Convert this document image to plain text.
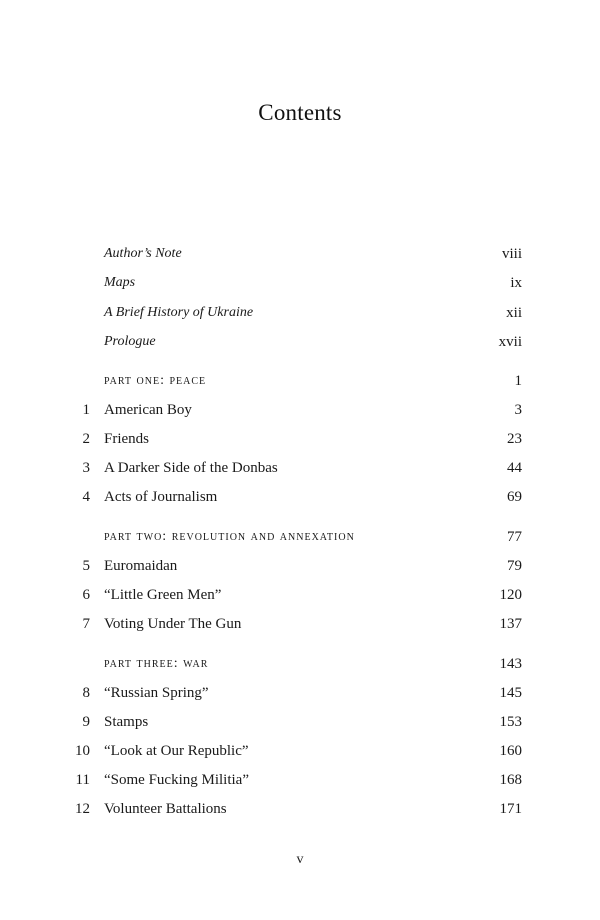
Contents
Author’s Note	viii
Maps	ix
A Brief History of Ukraine	xii
Prologue	xvii
part one: peace	1
1 American Boy	3
2 Friends	23
3 A Darker Side of the Donbas	44
4 Acts of Journalism	69
part two: revolution and annexation	77
5 Euromaidan	79
6 “Little Green Men”	120
7 Voting Under The Gun	137
part three: war	143
8 “Russian Spring”	145
9 Stamps	153
10 “Look at Our Republic”	160
11 “Some Fucking Militia”	168
12 Volunteer Battalions	171
v
